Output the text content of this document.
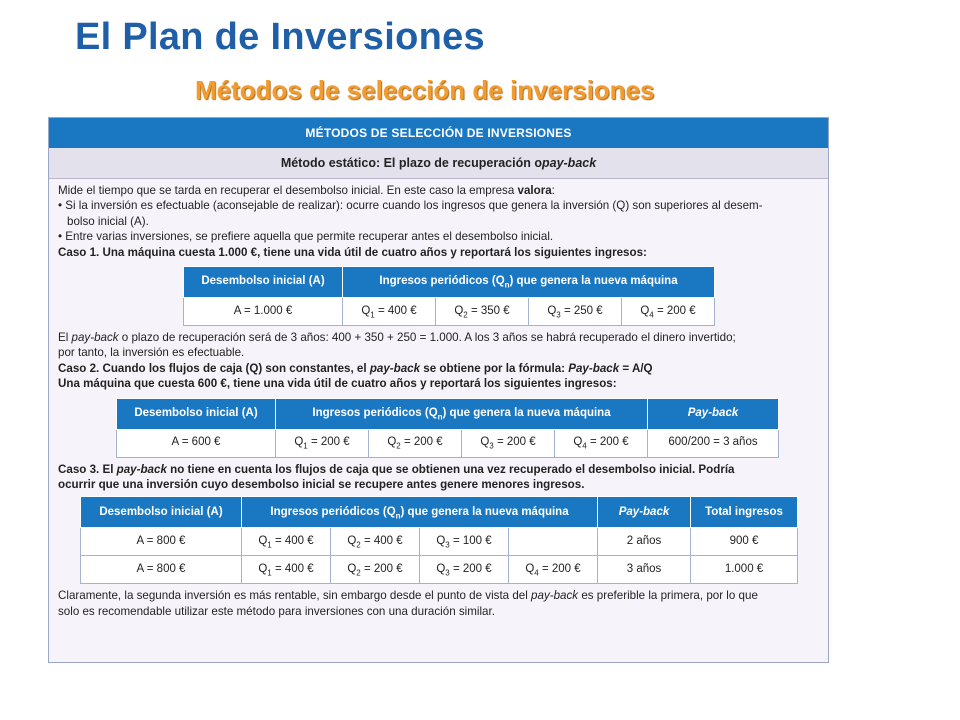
El Plan de Inversiones
Métodos de selección de inversiones
MÉTODOS DE SELECCIÓN DE INVERSIONES
Método estático: El plazo de recuperación o pay-back

Mide el tiempo que se tarda en recuperar el desembolso inicial. En este caso la empresa valora:

• Si la inversión es efectuable (aconsejable de realizar): ocurre cuando los ingresos que genera la inversión (Q) son superiores al desem-

bolso inicial (A).

• Entre varias inversiones, se prefiere aquella que permite recuperar antes el desembolso inicial.

Caso 1. Una máquina cuesta 1.000 €, tiene una vida útil de cuatro años y reportará los siguientes ingresos:

Desembolso inicial (A)	Ingresos periódicos $(Q_n)$ que genera la nueva máquina			
A = 1.000 €	$Q_1 = 400$ €	$Q_2 = 350$ €	$Q_3 = 250$ €	$Q_4 = 200$ €

El pay-back o plazo de recuperación será de 3 años: 400 + 350 + 250 = 1.000. A los 3 años se habrá recuperado el dinero invertido;

por tanto, la inversión es efectuable.

Caso 2. Cuando los flujos de caja (Q) son constantes, el pay-back se obtiene por la fórmula: Pay-back = A/Q

Una máquina que cuesta 600 €, tiene una vida útil de cuatro años y reportará los siguientes ingresos:

Desembolso inicial (A)	Ingresos periódicos $(Q_n)$ que genera la nueva máquina				Pay-back
A = 600 €	$Q_1 = 200$ €	$Q_2 = 200$ €	$Q_3 = 200$ €	$Q_4 = 200$ €	600/200 = 3 años

Caso 3. El pay-back no tiene en cuenta los flujos de caja que se obtienen una vez recuperado el desembolso inicial. Podría

ocurrir que una inversión cuyo desembolso inicial se recupere antes genere menores ingresos.

Desembolso inicial (A)	Ingresos periódicos $(Q_n)$ que genera la nueva máquina				Pay-back	Total ingresos
A = 800 €	$Q_1 = 400$ €	$Q_2 = 400$ €	$Q_3 = 100$ €		2 años	900 €
A = 800 €	$Q_1 = 400$ €	$Q_2 = 200$ €	$Q_3 = 200$ €	$Q_4 = 200$ €	3 años	1.000 €

Claramente, la segunda inversión es más rentable, sin embargo desde el punto de vista del pay-back es preferible la primera, por lo que

solo es recomendable utilizar este método para inversiones con una duración similar.
